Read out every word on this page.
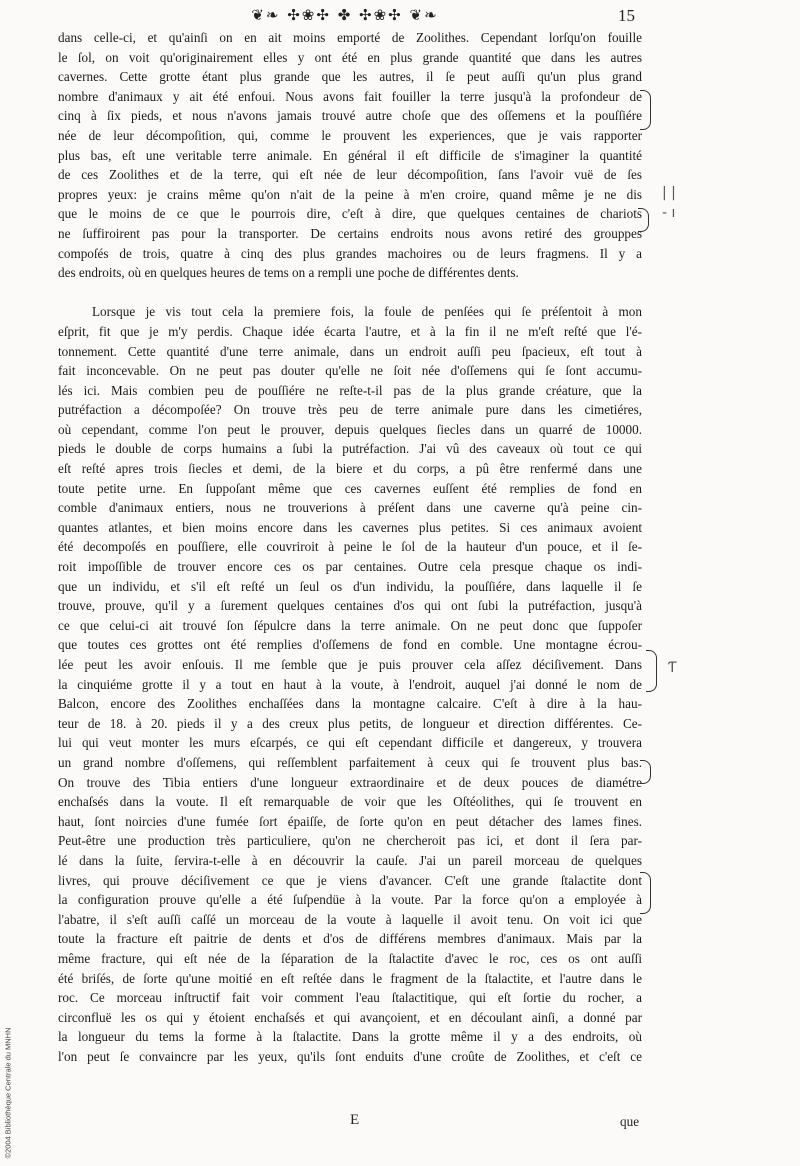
❦❧ ✣❀✣ ✤ ✣❀✣ ❦❧	15
dans celle-ci, et qu'ainſi on en ait moins emporté de Zoolithes. Cependant lorſqu'on fouille
le ſol, on voit qu'originairement elles y ont été en plus grande quantité que dans les autres
cavernes. Cette grotte étant plus grande que les autres, il ſe peut auſſi qu'un plus grand
nombre d'animaux y ait été enfoui. Nous avons fait fouiller la terre jusqu'à la profondeur de
cinq à ſix pieds, et nous n'avons jamais trouvé autre choſe que des oſſemens et la pouſſiére
née de leur décompoſition, qui, comme le prouvent les experiences, que je vais rapporter
plus bas, eſt une veritable terre animale. En général il eſt difficile de s'imaginer la quantité
de ces Zoolithes et de la terre, qui eſt née de leur décompoſition, ſans l'avoir vuë de ſes
propres yeux: je crains même qu'on n'ait de la peine à m'en croire, quand même je ne dis
que le moins de ce que le pourrois dire, c'eſt à dire, que quelques centaines de chariots
ne ſuffiroirent pas pour la transporter. De certains endroits nous avons retiré des grouppes
compoſés de trois, quatre à cinq des plus grandes machoires ou de leurs fragmens. Il y a
des endroits, où en quelques heures de tems on a rempli une poche de différentes dents.
Lorsque je vis tout cela la premiere fois, la foule de penſées qui ſe préſentoit à mon
eſprit, fit que je m'y perdis. Chaque idée écarta l'autre, et à la fin il ne m'eſt reſté que l'é-
tonnement. Cette quantité d'une terre animale, dans un endroit auſſi peu ſpacieux, eſt tout à
fait inconcevable. On ne peut pas douter qu'elle ne ſoit née d'oſſemens qui ſe ſont accumu-
lés ici. Mais combien peu de pouſſiére ne reſte-t-il pas de la plus grande créature, que la
putréfaction a décompoſée? On trouve très peu de terre animale pure dans les cimetiéres,
où cependant, comme l'on peut le prouver, depuis quelques ſiecles dans un quarré de 10000.
pieds le double de corps humains a ſubi la putréfaction. J'ai vû des caveaux où tout ce qui
eſt reſté apres trois ſiecles et demi, de la biere et du corps, a pû être renfermé dans une
toute petite urne. En ſuppoſant même que ces cavernes euſſent été remplies de fond en
comble d'animaux entiers, nous ne trouverions à préſent dans une caverne qu'à peine cin-
quantes atlantes, et bien moins encore dans les cavernes plus petites. Si ces animaux avoient
été decompoſés en pouſſiere, elle couvriroit à peine le ſol de la hauteur d'un pouce, et il ſe-
roit impoſſible de trouver encore ces os par centaines. Outre cela presque chaque os indi-
que un individu, et s'il eſt reſté un ſeul os d'un individu, la pouſſiére, dans laquelle il ſe
trouve, prouve, qu'il y a ſurement quelques centaines d'os qui ont ſubi la putréfaction, jusqu'à
ce que celui-ci ait trouvé ſon ſépulcre dans la terre animale. On ne peut donc que ſuppoſer
que toutes ces grottes ont été remplies d'oſſemens de fond en comble. Une montagne écrou-
lée peut les avoir enſouis. Il me ſemble que je puis prouver cela aſſez déciſivement. Dans
la cinquiéme grotte il y a tout en haut à la voute, à l'endroit, auquel j'ai donné le nom de
Balcon, encore des Zoolithes enchaſſées dans la montagne calcaire. C'eſt à dire à la hau-
teur de 18. à 20. pieds il y a des creux plus petits, de longueur et direction différentes. Ce-
lui qui veut monter les murs eſcarpés, ce qui eſt cependant difficile et dangereux, y trouvera
un grand nombre d'oſſemens, qui reſſemblent parfaitement à ceux qui ſe trouvent plus bas.
On trouve des Tibia entiers d'une longueur extraordinaire et de deux pouces de diamétre
enchaſsés dans la voute. Il eſt remarquable de voir que les Oſtéolithes, qui ſe trouvent en
haut, ſont noircies d'une fumée ſort épaiſſe, de ſorte qu'on en peut détacher des lames fines.
Peut-être une production très particuliere, qu'on ne chercheroit pas ici, et dont il ſera par-
lé dans la ſuite, ſervira-t-elle à en découvrir la cauſe. J'ai un pareil morceau de quelques
livres, qui prouve déciſivement ce que je viens d'avancer. C'eſt une grande ſtalactite dont
la configuration prouve qu'elle a été ſuſpendüe à la voute. Par la force qu'on a employée à
l'abatre, il s'eſt auſſi caſſé un morceau de la voute à laquelle il avoit tenu. On voit ici que
toute la fracture eſt paitrie de dents et d'os de différens membres d'animaux. Mais par la
même fracture, qui eſt née de la ſéparation de la ſtalactite d'avec le roc, ces os ont auſſi
été briſés, de ſorte qu'une moitié en eſt reſtée dans le fragment de la ſtalactite, et l'autre dans le
roc. Ce morceau inſtructif fait voir comment l'eau ſtalactitique, qui eſt ſortie du rocher, a
circonfluë les os qui y étoient enchaſsés et qui avançoient, et en découlant ainſi, a donné par
la longueur du tems la forme à la ſtalactite. Dans la grotte même il y a des endroits, où
l'on peut ſe convaincre par les yeux, qu'ils ſont enduits d'une croûte de Zoolithes, et c'eſt ce
E	que
| |
- ı
Ƭ
©2004 Bibliothèque Centrale du MNHN
